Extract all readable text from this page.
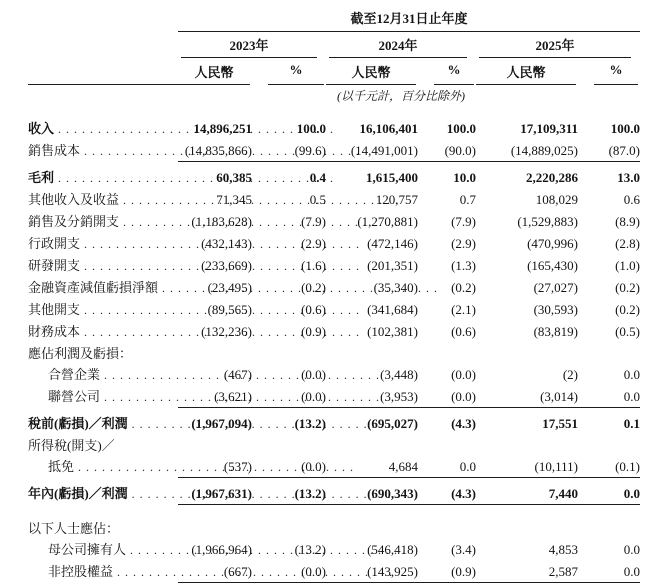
截至12月31日止年度
2023年	2024年	2025年
人民幣	%	人民幣	%	人民幣	%
(以千元計，百分比除外)
收入 . . .	14,896,251	100.0	16,106,401	100.0	17,109,311	100.0
銷售成本 . . .	(14,835,866)	(99.6)	(14,491,001)	(90.0)	(14,889,025)	(87.0)
毛利 . . .	60,385	0.4	1,615,400	10.0	2,220,286	13.0
其他收入及收益 . . .	71,345	0.5	120,757	0.7	108,029	0.6
銷售及分銷開支 . . .	(1,183,628)	(7.9)	(1,270,881)	(7.9)	(1,529,883)	(8.9)
行政開支 . . .	(432,143)	(2.9)	(472,146)	(2.9)	(470,996)	(2.8)
研發開支 . . .	(233,669)	(1.6)	(201,351)	(1.3)	(165,430)	(1.0)
金融資產減值虧損淨額 . . .	(23,495)	(0.2)	(35,340)	(0.2)	(27,027)	(0.2)
其他開支 . . .	(89,565)	(0.6)	(341,684)	(2.1)	(30,593)	(0.2)
財務成本 . . .	(132,236)	(0.9)	(102,381)	(0.6)	(83,819)	(0.5)
應佔利潤及虧損：
合營企業 . . .	(467)	(0.0)	(3,448)	(0.0)	(2)	0.0
聯營公司 . . .	(3,621)	(0.0)	(3,953)	(0.0)	(3,014)	0.0
稅前(虧損)／利潤 . . .	(1,967,094)	(13.2)	(695,027)	(4.3)	17,551	0.1
所得稅(開支)／
抵免 . . .	(537)	(0.0)	4,684	0.0	(10,111)	(0.1)
年內(虧損)／利潤 . . .	(1,967,631)	(13.2)	(690,343)	(4.3)	7,440	0.0
以下人士應佔：
母公司擁有人 . . .	(1,966,964)	(13.2)	(546,418)	(3.4)	4,853	0.0
非控股權益 . . .	(667)	(0.0)	(143,925)	(0.9)	2,587	0.0
